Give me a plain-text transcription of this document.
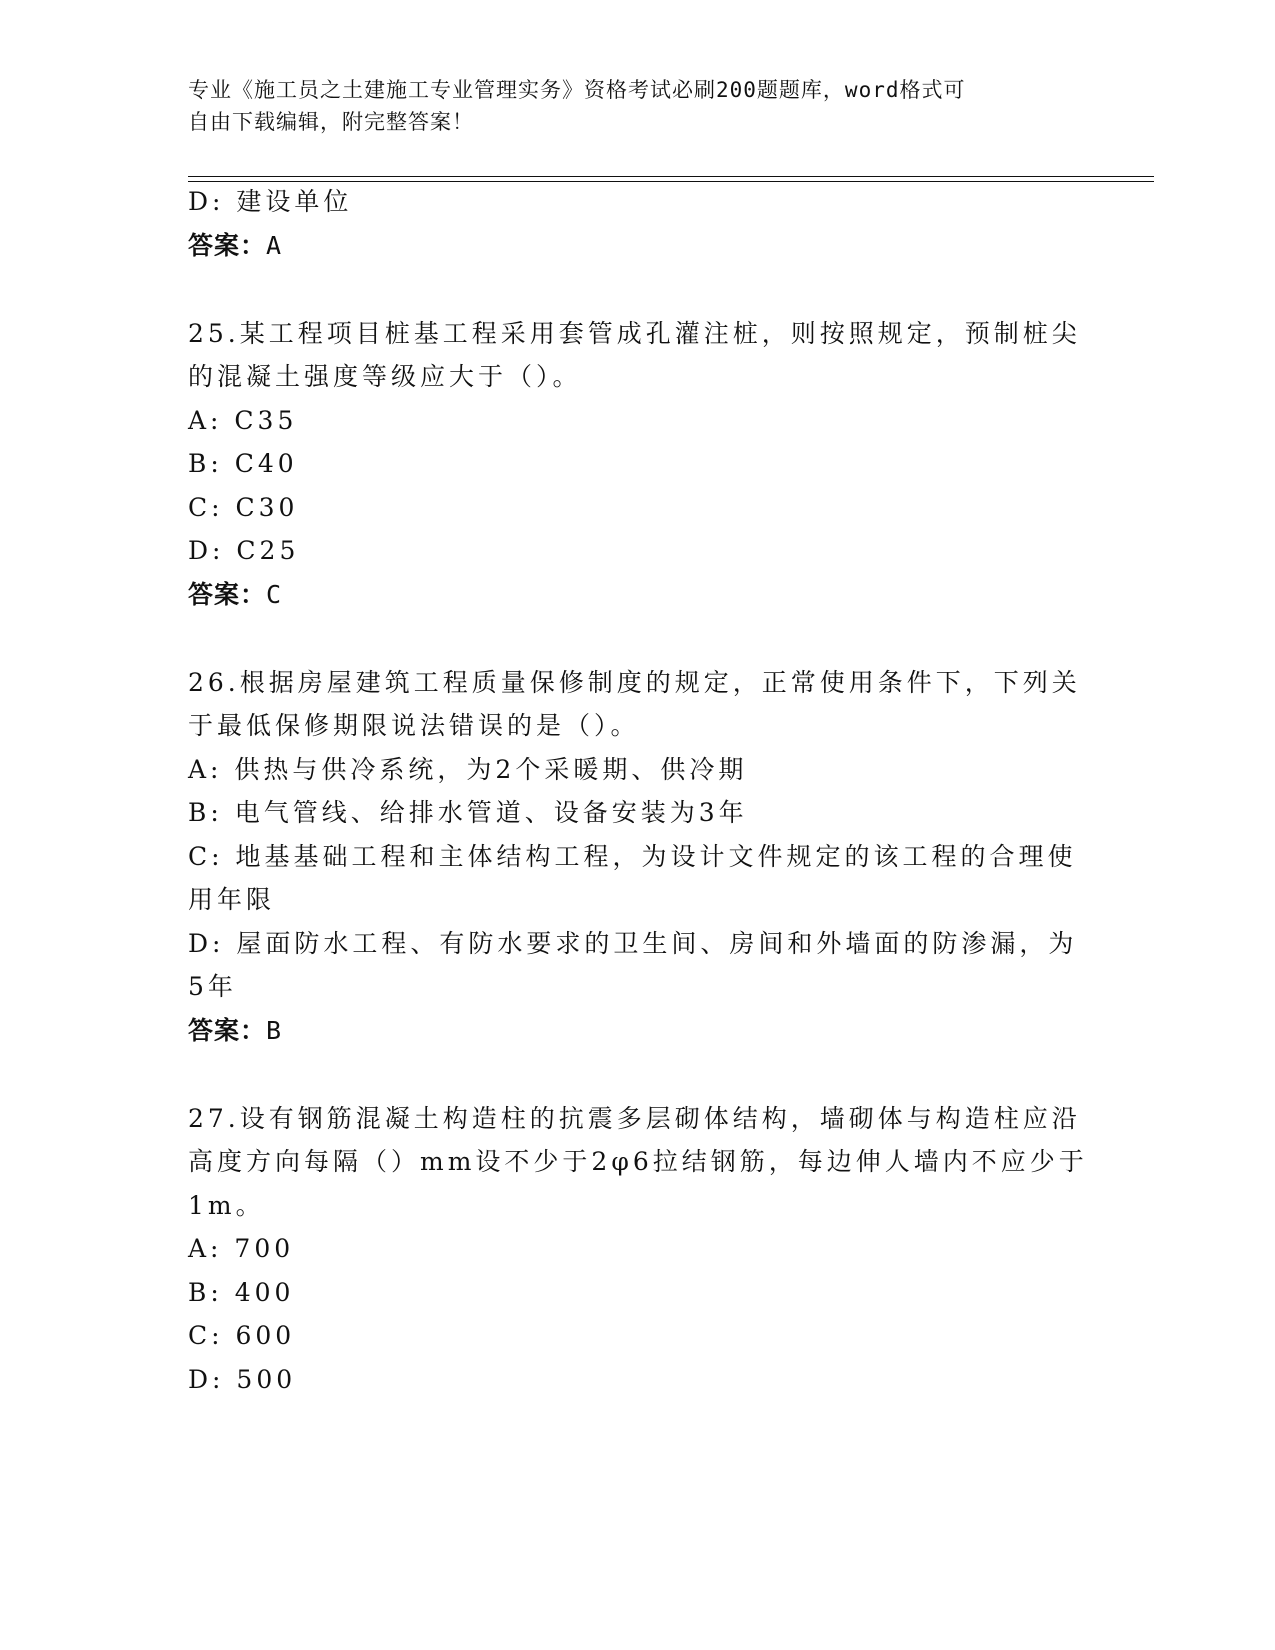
专业《施工员之土建施工专业管理实务》资格考试必刷200题题库，word格式可
自由下载编辑，附完整答案！
D: 建设单位
答案：A
25.某工程项目桩基工程采用套管成孔灌注桩，则按照规定，预制桩尖
的混凝土强度等级应大于（）。
A: C35
B: C40
C: C30
D: C25
答案：C
26.根据房屋建筑工程质量保修制度的规定，正常使用条件下，下列关
于最低保修期限说法错误的是（）。
A: 供热与供冷系统，为2个采暖期、供冷期
B: 电气管线、给排水管道、设备安装为3年
C: 地基基础工程和主体结构工程，为设计文件规定的该工程的合理使
用年限
D: 屋面防水工程、有防水要求的卫生间、房间和外墙面的防渗漏，为
5年
答案：B
27.设有钢筋混凝土构造柱的抗震多层砌体结构，墙砌体与构造柱应沿
高度方向每隔（）mm设不少于2φ6拉结钢筋，每边伸人墙内不应少于
1m。
A: 700
B: 400
C: 600
D: 500
